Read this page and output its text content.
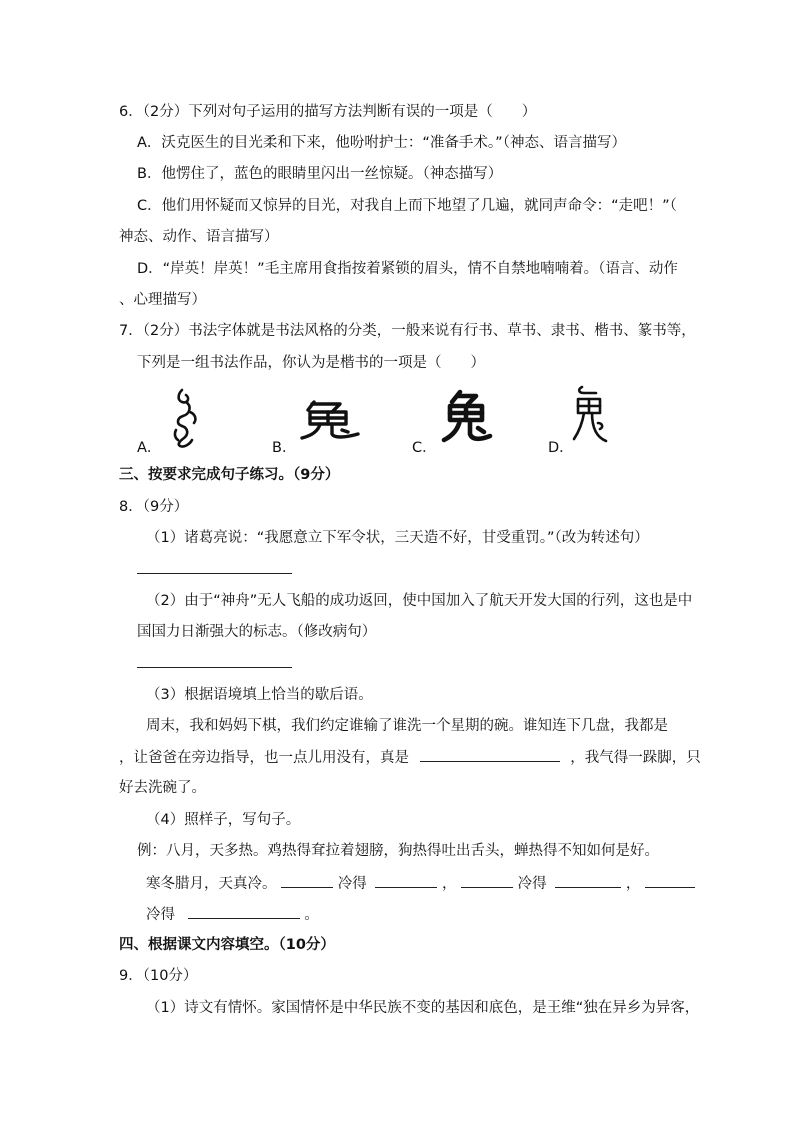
6．（2分）下列对句子运用的描写方法判断有误的一项是（　　）
A．沃克医生的目光柔和下来，他吩咐护士：“准备手术。”（神态、语言描写）
B．他愣住了，蓝色的眼睛里闪出一丝惊疑。（神态描写）
C．他们用怀疑而又惊异的目光，对我自上而下地望了几遍，就同声命令：“走吧！”（
神态、动作、语言描写）
D．“岸英！岸英！”毛主席用食指按着紧锁的眉头，情不自禁地喃喃着。（语言、动作
、心理描写）
7．（2分）书法字体就是书法风格的分类，一般来说有行书、草书、隶书、楷书、篆书等，
下列是一组书法作品，你认为是楷书的一项是（　　）
A．	B．	C．	D．
三、按要求完成句子练习。（9分）
8．（9分）
（1）诸葛亮说：“我愿意立下军令状，三天造不好，甘受重罚。”（改为转述句）
（2）由于“神舟”无人飞船的成功返回，使中国加入了航天开发大国的行列，这也是中
国国力日渐强大的标志。（修改病句）
（3）根据语境填上恰当的歇后语。
周末，我和妈妈下棋，我们约定谁输了谁洗一个星期的碗。谁知连下几盘，我都是
，让爸爸在旁边指导，也一点儿用没有，真是	，我气得一跺脚，只
好去洗碗了。
（4）照样子，写句子。
例：八月，天多热。鸡热得耷拉着翅膀，狗热得吐出舌头，蝉热得不知如何是好。
寒冬腊月，天真冷。	冷得	，	冷得	，
冷得	。
四、根据课文内容填空。（10分）
9．（10分）
（1）诗文有情怀。家国情怀是中华民族不变的基因和底色，是王维“独在异乡为异客，
